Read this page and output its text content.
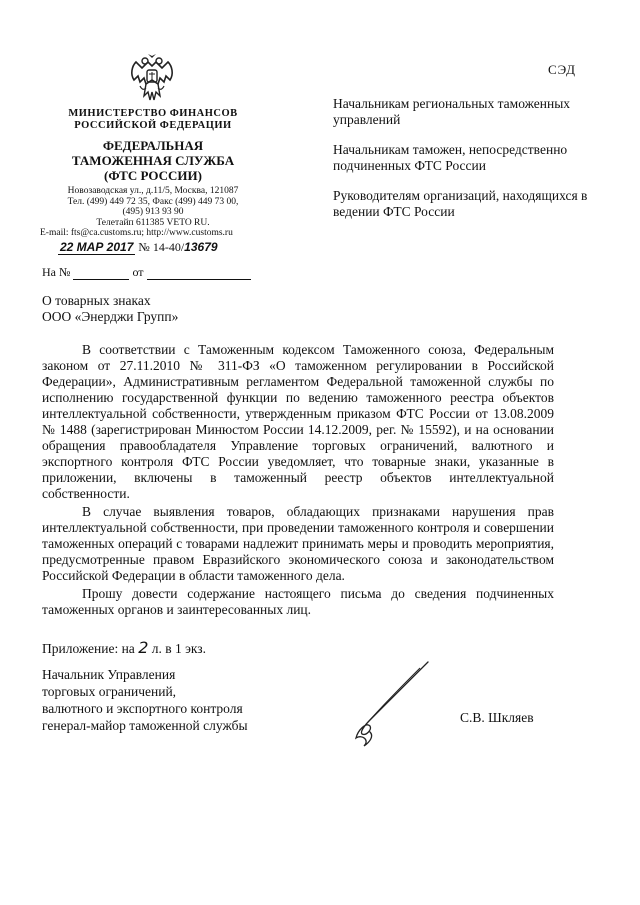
СЭД
МИНИСТЕРСТВО ФИНАНСОВ
РОССИЙСКОЙ ФЕДЕРАЦИИ
ФЕДЕРАЛЬНАЯ
ТАМОЖЕННАЯ СЛУЖБА
(ФТС РОССИИ)
Новозаводская ул., д.11/5, Москва, 121087
Тел. (499) 449 72 35, Факс (499) 449 73 00,
(495) 913 93 90
Телетайп 611385 VETO RU.
E-mail: fts@ca.customs.ru; http://www.customs.ru
22 МАР 2017 № 14-40/13679
На №	от

Начальникам региональных таможенных управлений

Начальникам таможен, непосредственно подчиненных ФТС России

Руководителям организаций, находящихся в ведении ФТС России

О товарных знаках
ООО «Энерджи Групп»

В соответствии с Таможенным кодексом Таможенного союза, Федеральным законом от 27.11.2010 № 311-ФЗ «О таможенном регулировании в Российской Федерации», Административным регламентом Федеральной таможенной службы по исполнению государственной функции по ведению таможенного реестра объектов интеллектуальной собственности, утвержденным приказом ФТС России от 13.08.2009 № 1488 (зарегистрирован Минюстом России 14.12.2009, рег. № 15592), и на основании обращения правообладателя Управление торговых ограничений, валютного и экспортного контроля ФТС России уведомляет, что товарные знаки, указанные в приложении, включены в таможенный реестр объектов интеллектуальной собственности.

В случае выявления товаров, обладающих признаками нарушения прав интеллектуальной собственности, при проведении таможенного контроля и совершении таможенных операций с товарами надлежит принимать меры и проводить мероприятия, предусмотренные правом Евразийского экономического союза и законодательством Российской Федерации в области таможенного дела.

Прошу довести содержание настоящего письма до сведения подчиненных таможенных органов и заинтересованных лиц.

Приложение: на 2 л. в 1 экз.
Начальник Управления
торговых ограничений,
валютного и экспортного контроля
генерал-майор таможенной службы
С.В. Шкляев
